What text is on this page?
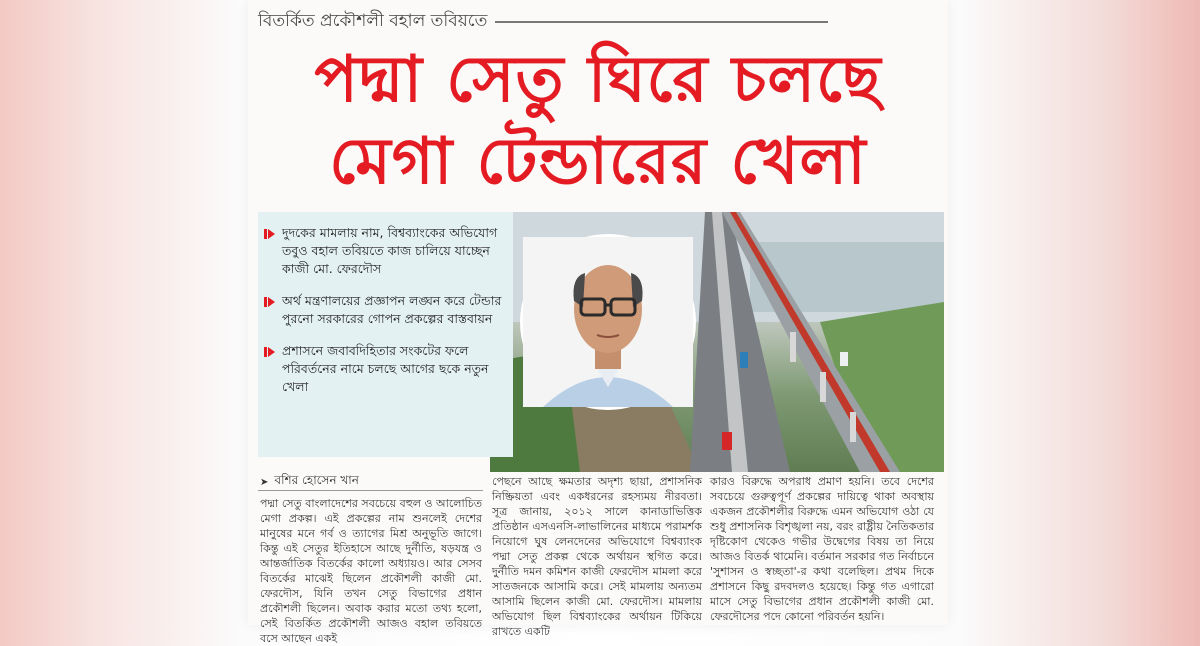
বিতর্কিত প্রকৌশলী বহাল তবিয়তে
পদ্মা সেতু ঘিরে চলছে
মেগা টেন্ডারের খেলা
দুদকের মামলায় নাম, বিশ্বব্যাংকের অভিযোগ তবুও বহাল তবিয়তে কাজ চালিয়ে যাচ্ছেন কাজী মো. ফেরদৌস
অর্থ মন্ত্রণালয়ের প্রজ্ঞাপন লঙ্ঘন করে টেন্ডার পুরনো সরকারের গোপন প্রকল্পের বাস্তবায়ন
প্রশাসনে জবাবদিহিতার সংকটের ফলে পরিবর্তনের নামে চলছে আগের ছকে নতুন খেলা
➤ বশির হোসেন খান

পদ্মা সেতু বাংলাদেশের সবচেয়ে বহুল ও আলোচিত মেগা প্রকল্প। এই প্রকল্পের নাম শুনলেই দেশের মানুষের মনে গর্ব ও ত্যাগের মিশ্র অনুভূতি জাগে। কিন্তু এই সেতুর ইতিহাসে আছে দুর্নীতি, ষড়যন্ত্র ও আন্তর্জাতিক বিতর্কের কালো অধ্যায়ও। আর সেসব বিতর্কের মাঝেই ছিলেন প্রকৌশলী কাজী মো. ফেরদৌস, যিনি তখন সেতু বিভাগের প্রধান প্রকৌশলী ছিলেন। অবাক করার মতো তথ্য হলো, সেই বিতর্কিত প্রকৌশলী আজও বহাল তবিয়তে বসে আছেন একই

পেছনে আছে ক্ষমতার অদৃশ্য ছায়া, প্রশাসনিক নিষ্ক্রিয়তা এবং একধরনের রহস্যময় নীরবতা। সূত্র জানায়, ২০১২ সালে কানাডাভিত্তিক প্রতিষ্ঠান এসএনসি-লাভালিনের মাধ্যমে পরামর্শক নিয়োগে ঘুষ লেনদেনের অভিযোগে বিশ্বব্যাংক পদ্মা সেতু প্রকল্প থেকে অর্থায়ন স্থগিত করে। দুর্নীতি দমন কমিশন কাজী ফেরদৌস মামলা করে সাতজনকে আসামি করে। সেই মামলায় অন্যতম আসামি ছিলেন কাজী মো. ফেরদৌস। মামলায় অভিযোগ ছিল বিশ্বব্যাংকের অর্থায়ন টিকিয়ে রাখতে একটি

কারও বিরুদ্ধে অপরাধ প্রমাণ হয়নি। তবে দেশের সবচেয়ে গুরুত্বপূর্ণ প্রকল্পের দায়িত্বে থাকা অবস্থায় একজন প্রকৌশলীর বিরুদ্ধে এমন অভিযোগ ওঠা যে শুধু প্রশাসনিক বিশৃঙ্খলা নয়, বরং রাষ্ট্রীয় নৈতিকতার দৃষ্টিকোণ থেকেও গভীর উদ্বেগের বিষয় তা নিয়ে আজও বিতর্ক থামেনি। বর্তমান সরকার গত নির্বাচনে 'সুশাসন ও স্বচ্ছতা'-র কথা বলেছিল। প্রথম দিকে প্রশাসনে কিছু রদবদলও হয়েছে। কিন্তু গত এগারো মাসে সেতু বিভাগের প্রধান প্রকৌশলী কাজী মো. ফেরদৌসের পদে কোনো পরিবর্তন হয়নি।
